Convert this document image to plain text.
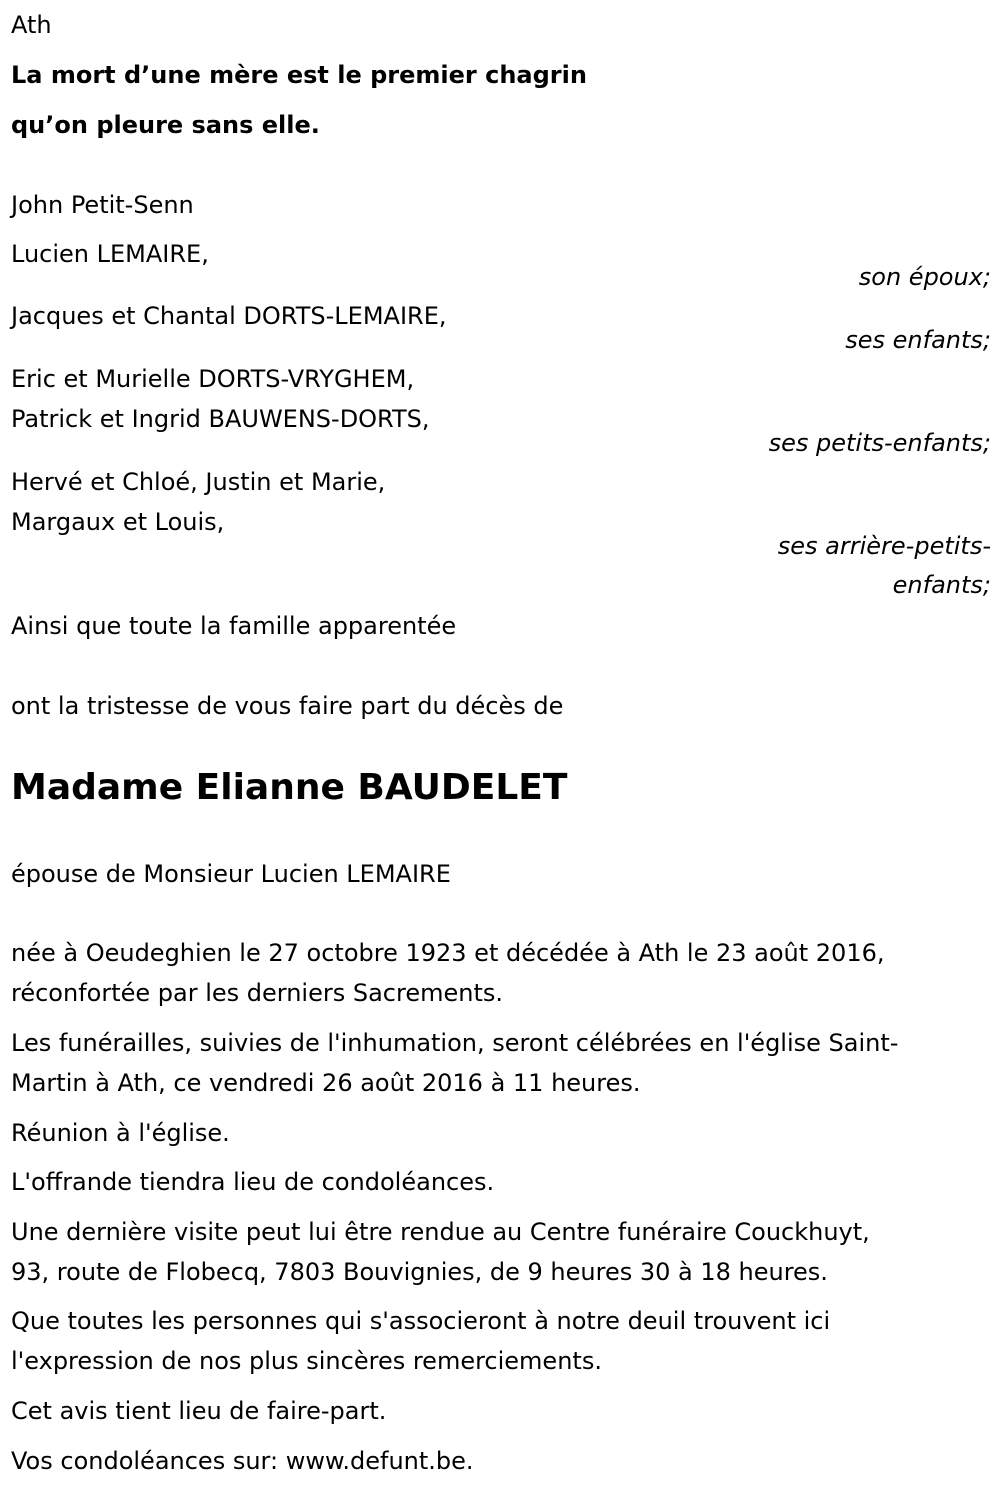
Ath

La mort d’une mère est le premier chagrin

qu’on pleure sans elle.

John Petit-Senn

Lucien LEMAIRE,

son époux;

Jacques et Chantal DORTS-LEMAIRE,

ses enfants;

Eric et Murielle DORTS-VRYGHEM,

Patrick et Ingrid BAUWENS-DORTS,

ses petits-enfants;

Hervé et Chloé, Justin et Marie,

Margaux et Louis,

ses arrière-petits-

enfants;

Ainsi que toute la famille apparentée

ont la tristesse de vous faire part du décès de

Madame Elianne BAUDELET

épouse de Monsieur Lucien LEMAIRE

née à Oeudeghien le 27 octobre 1923 et décédée à Ath le 23 août 2016,

réconfortée par les derniers Sacrements.

Les funérailles, suivies de l'inhumation, seront célébrées en l'église Saint-

Martin à Ath, ce vendredi 26 août 2016 à 11 heures.

Réunion à l'église.

L'offrande tiendra lieu de condoléances.

Une dernière visite peut lui être rendue au Centre funéraire Couckhuyt,

93, route de Flobecq, 7803 Bouvignies, de 9 heures 30 à 18 heures.

Que toutes les personnes qui s'associeront à notre deuil trouvent ici

l'expression de nos plus sincères remerciements.

Cet avis tient lieu de faire-part.

Vos condoléances sur: www.defunt.be.
